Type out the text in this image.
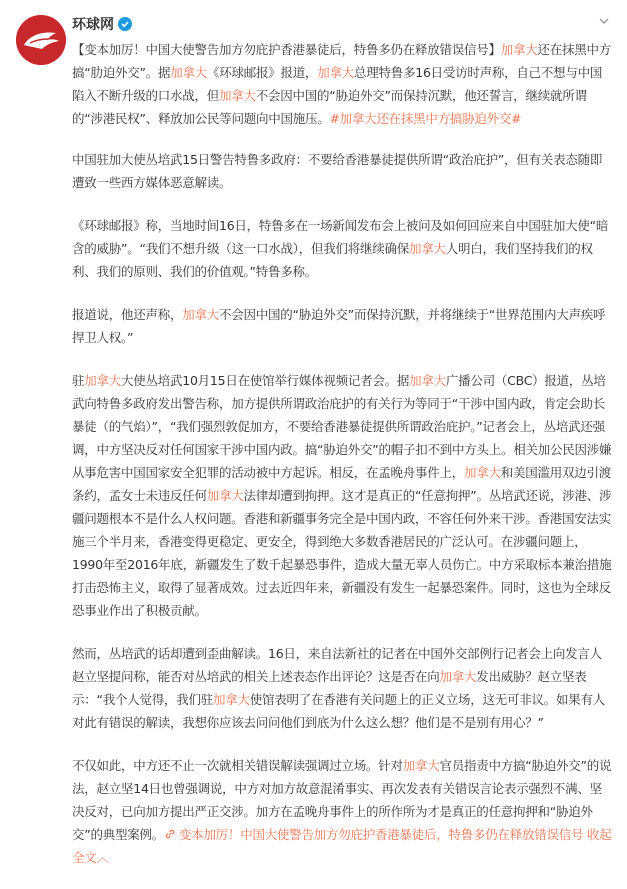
环球网

【变本加厉！中国大使警告加方勿庇护香港暴徒后，特鲁多仍在释放错误信号】加拿大还在抹黑中方搞“肋迫外交”。据加拿大《环球邮报》报道，加拿大总理特鲁多16日受访时声称，自己不想与中国陷入不断升级的口水战，但加拿大不会因中国的“胁迫外交”而保持沉默，他还誓言，继续就所谓的“涉港民权”、释放加公民等问题向中国施压。#加拿大还在抹黑中方搞胁迫外交#

中国驻加大使丛培武15日警告特鲁多政府：不要给香港暴徒提供所谓“政治庇护”，但有关表态随即遭致一些西方媒体恶意解读。

《环球邮报》称，当地时间16日，特鲁多在一场新闻发布会上被问及如何回应来自中国驻加大使“暗含的威胁”。“我们不想升级（这一口水战），但我们将继续确保加拿大人明白，我们坚持我们的权利、我们的原则、我们的价值观。”特鲁多称。

报道说，他还声称，加拿大不会因中国的“胁迫外交”而保持沉默，并将继续于“世界范围内大声疾呼捍卫人权。”

驻加拿大大使丛培武10月15日在使馆举行媒体视频记者会。据加拿大广播公司（CBC）报道，丛培武向特鲁多政府发出警告称，加方提供所谓政治庇护的有关行为等同于“干涉中国内政，肯定会助长暴徒（的气焰）”，“我们强烈敦促加方，不要给香港暴徒提供所谓政治庇护。”记者会上，丛培武还强调，中方坚决反对任何国家干涉中国内政。搞“胁迫外交”的帽子扣不到中方头上。相关加公民因涉嫌从事危害中国国家安全犯罪的活动被中方起诉。相反，在孟晚舟事件上，加拿大和美国滥用双边引渡条约，孟女士未违反任何加拿大法律却遭到拘押。这才是真正的“任意拘押”。丛培武还说，涉港、涉疆问题根本不是什么人权问题。香港和新疆事务完全是中国内政，不容任何外来干涉。香港国安法实施三个半月来，香港变得更稳定、更安全，得到绝大多数香港居民的广泛认可。在涉疆问题上，1990年至2016年底，新疆发生了数千起暴恐事件，造成大量无辜人员伤亡。中方采取标本兼治措施打击恐怖主义，取得了显著成效。过去近四年来，新疆没有发生一起暴恐案件。同时，这也为全球反恐事业作出了积极贡献。

然而，丛培武的话却遭到歪曲解读。16日，来自法新社的记者在中国外交部例行记者会上向发言人赵立坚提问称，能否对丛培武的相关上述表态作出评论？这是否在向加拿大发出威胁？赵立坚表示：“我个人觉得，我们驻加拿大使馆表明了在香港有关问题上的正义立场，这无可非议。如果有人对此有错误的解读，我想你应该去问问他们到底为什么这么想？他们是不是别有用心？”

不仅如此，中方还不止一次就相关错误解读强调过立场。针对加拿大官员指责中方搞“胁迫外交”的说法，赵立坚14日也曾强调说，中方对加方故意混淆事实、再次发表有关错误言论表示强烈不满、坚决反对，已向加方提出严正交涉。加方在孟晚舟事件上的所作所为才是真正的任意拘押和“胁迫外交”的典型案例。 变本加厉！中国大使警告加方勿庇护香港暴徒后，特鲁多仍在释放错误信号 收起全文︿
